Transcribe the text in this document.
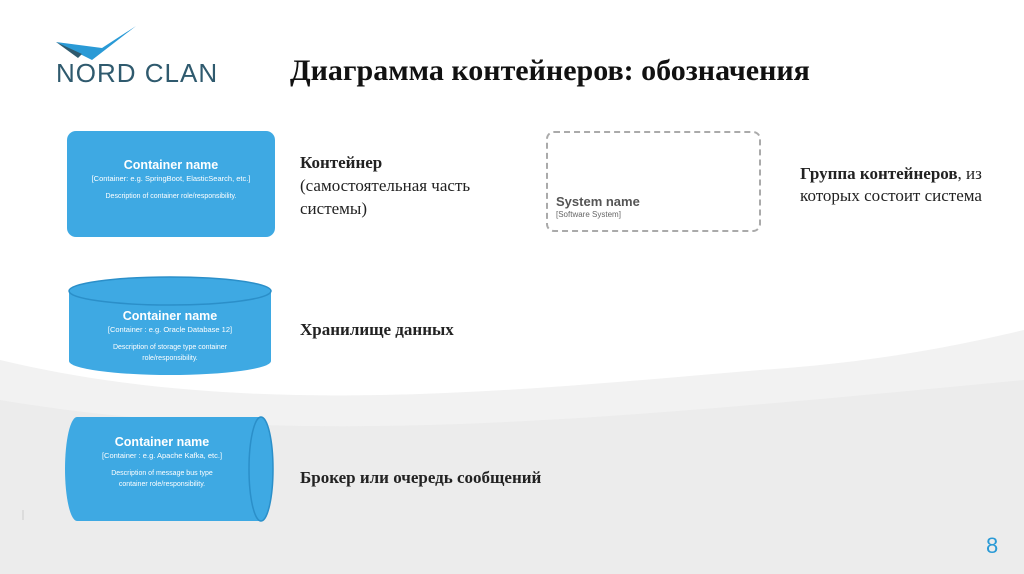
NORD CLAN Диаграмма контейнеров: обозначения
Container name
[Container: e.g. SpringBoot, ElasticSearch, etc.]
Description of container role/responsibility.
Контейнер
(самостоятельная часть системы)
Container name
[Container : e.g. Oracle Database 12]
Description of storage type container
role/responsibility.
Хранилище данных
Container name
[Container : e.g. Apache Kafka, etc.]
Description of message bus type
container role/responsibility.	Брокер или очередь сообщений
System name
[Software System]
Группа контейнеров, из которых состоит система
8
